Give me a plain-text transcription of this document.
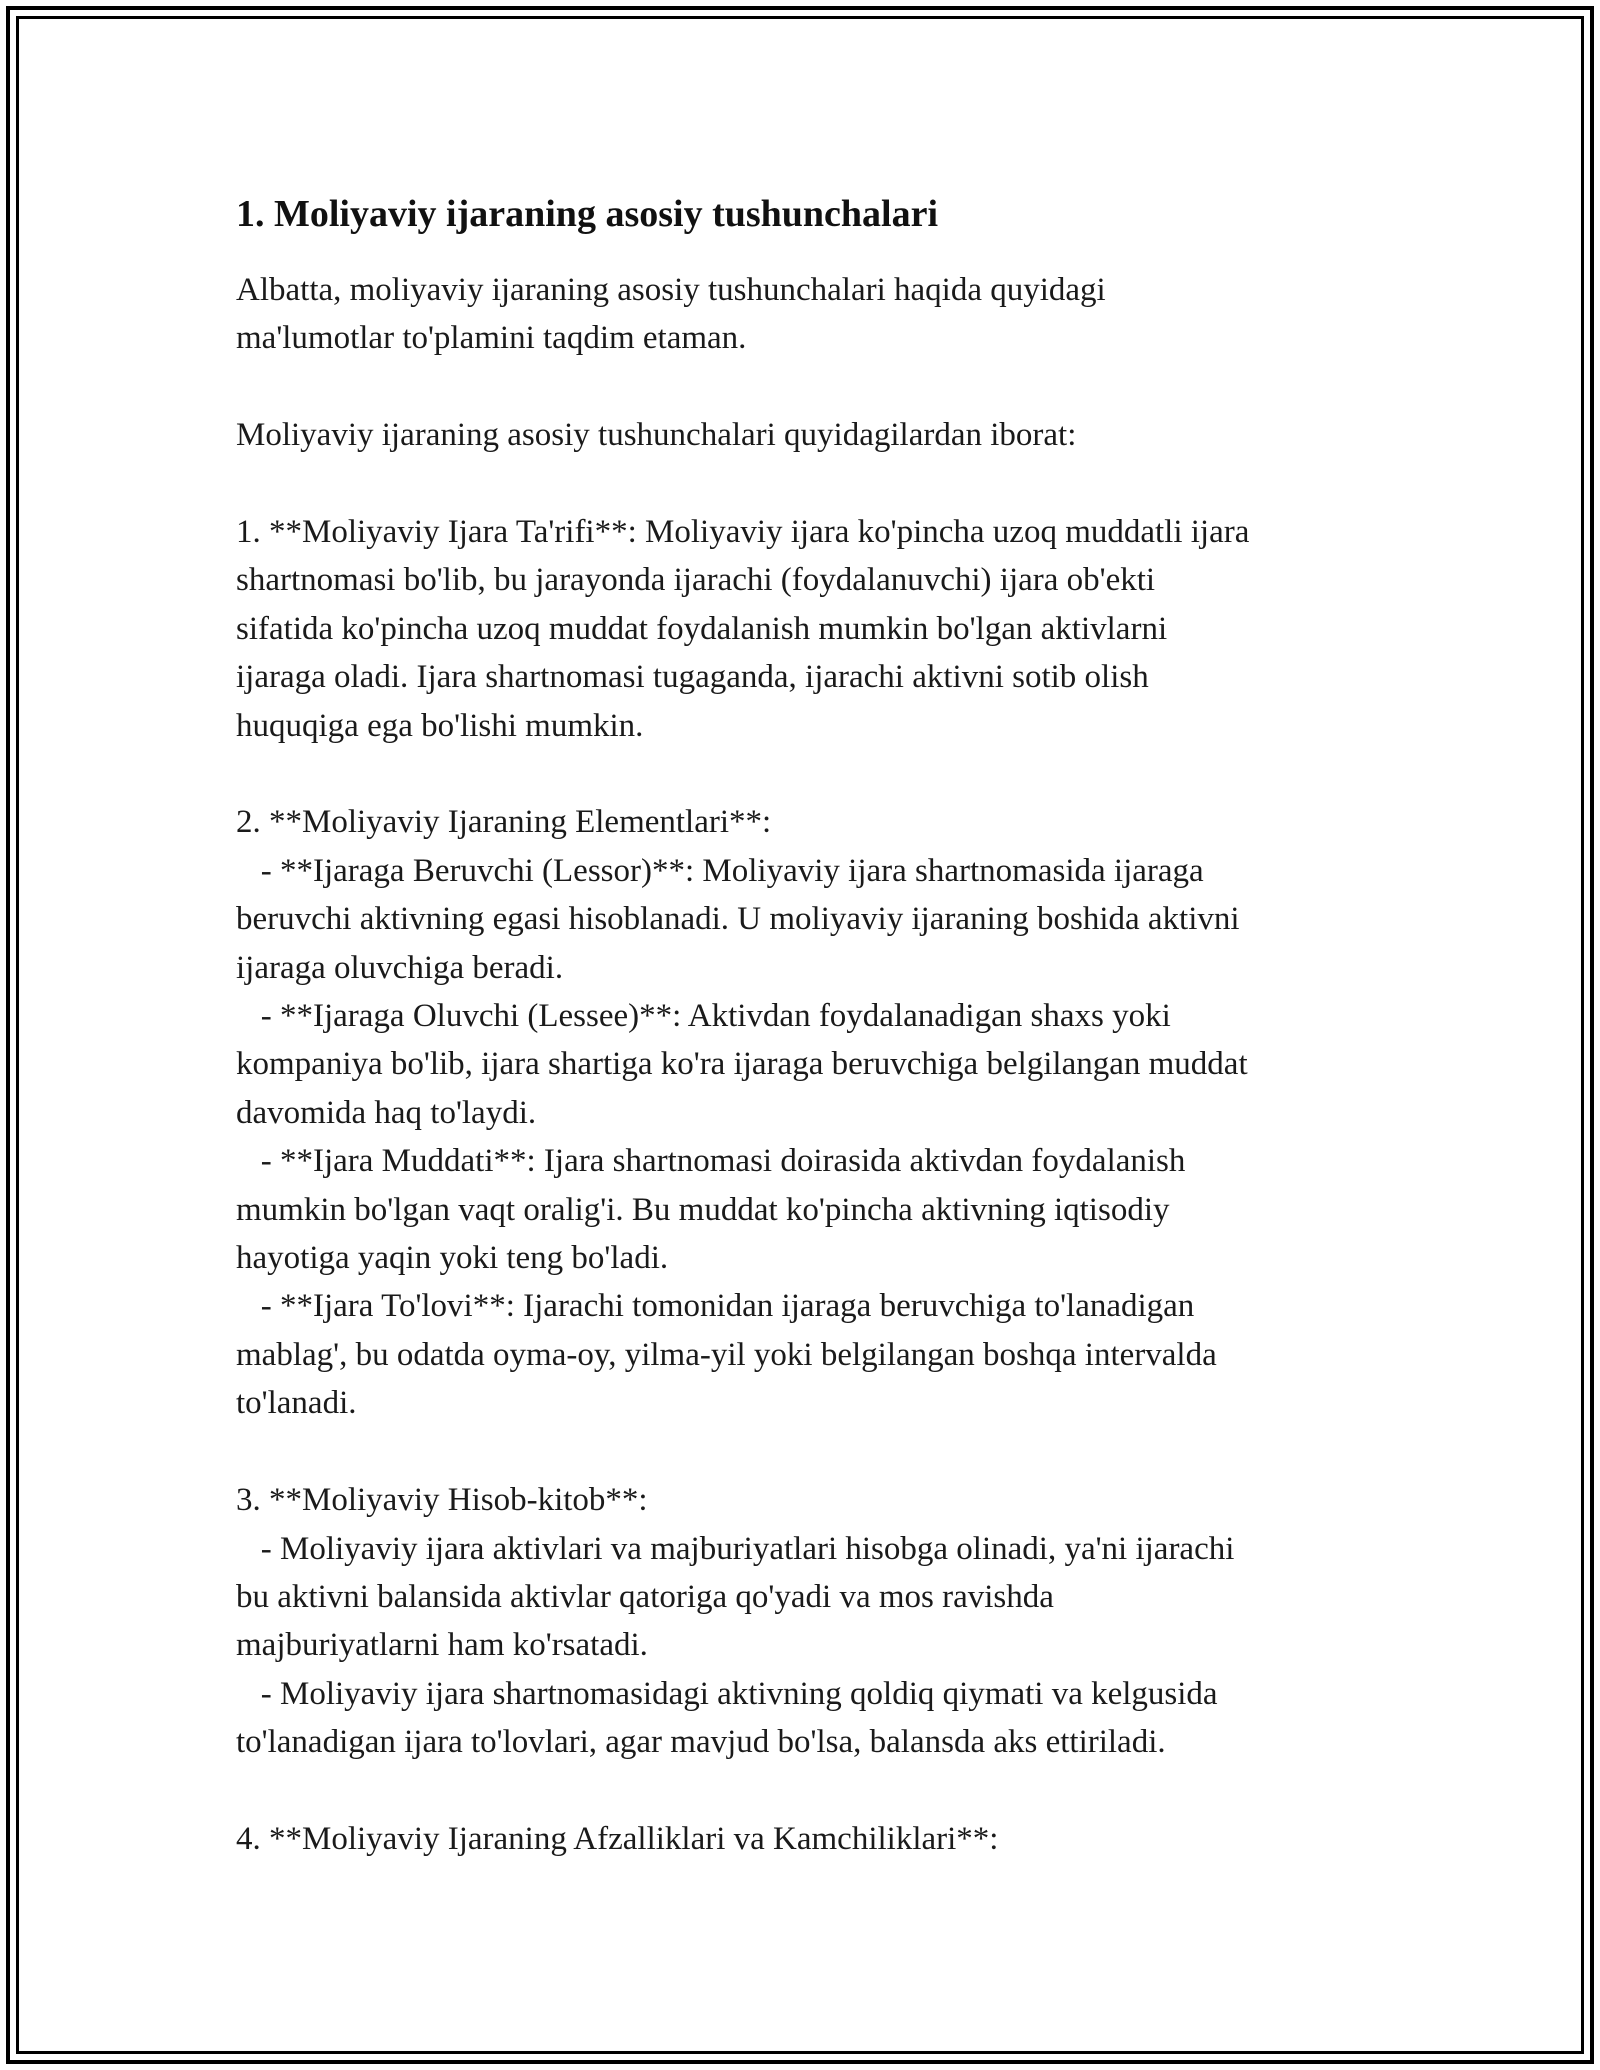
1. Moliyaviy ijaraning asosiy tushunchalari
Albatta, moliyaviy ijaraning asosiy tushunchalari haqida quyidagi
ma'lumotlar to'plamini taqdim etaman.
Moliyaviy ijaraning asosiy tushunchalari quyidagilardan iborat:
1. **Moliyaviy Ijara Ta'rifi**: Moliyaviy ijara ko'pincha uzoq muddatli ijara
shartnomasi bo'lib, bu jarayonda ijarachi (foydalanuvchi) ijara ob'ekti
sifatida ko'pincha uzoq muddat foydalanish mumkin bo'lgan aktivlarni
ijaraga oladi. Ijara shartnomasi tugaganda, ijarachi aktivni sotib olish
huquqiga ega bo'lishi mumkin.
2. **Moliyaviy Ijaraning Elementlari**:
- **Ijaraga Beruvchi (Lessor)**: Moliyaviy ijara shartnomasida ijaraga
beruvchi aktivning egasi hisoblanadi. U moliyaviy ijaraning boshida aktivni
ijaraga oluvchiga beradi.
- **Ijaraga Oluvchi (Lessee)**: Aktivdan foydalanadigan shaxs yoki
kompaniya bo'lib, ijara shartiga ko'ra ijaraga beruvchiga belgilangan muddat
davomida haq to'laydi.
- **Ijara Muddati**: Ijara shartnomasi doirasida aktivdan foydalanish
mumkin bo'lgan vaqt oralig'i. Bu muddat ko'pincha aktivning iqtisodiy
hayotiga yaqin yoki teng bo'ladi.
- **Ijara To'lovi**: Ijarachi tomonidan ijaraga beruvchiga to'lanadigan
mablag', bu odatda oyma-oy, yilma-yil yoki belgilangan boshqa intervalda
to'lanadi.
3. **Moliyaviy Hisob-kitob**:
- Moliyaviy ijara aktivlari va majburiyatlari hisobga olinadi, ya'ni ijarachi
bu aktivni balansida aktivlar qatoriga qo'yadi va mos ravishda
majburiyatlarni ham ko'rsatadi.
- Moliyaviy ijara shartnomasidagi aktivning qoldiq qiymati va kelgusida
to'lanadigan ijara to'lovlari, agar mavjud bo'lsa, balansda aks ettiriladi.
4. **Moliyaviy Ijaraning Afzalliklari va Kamchiliklari**:
